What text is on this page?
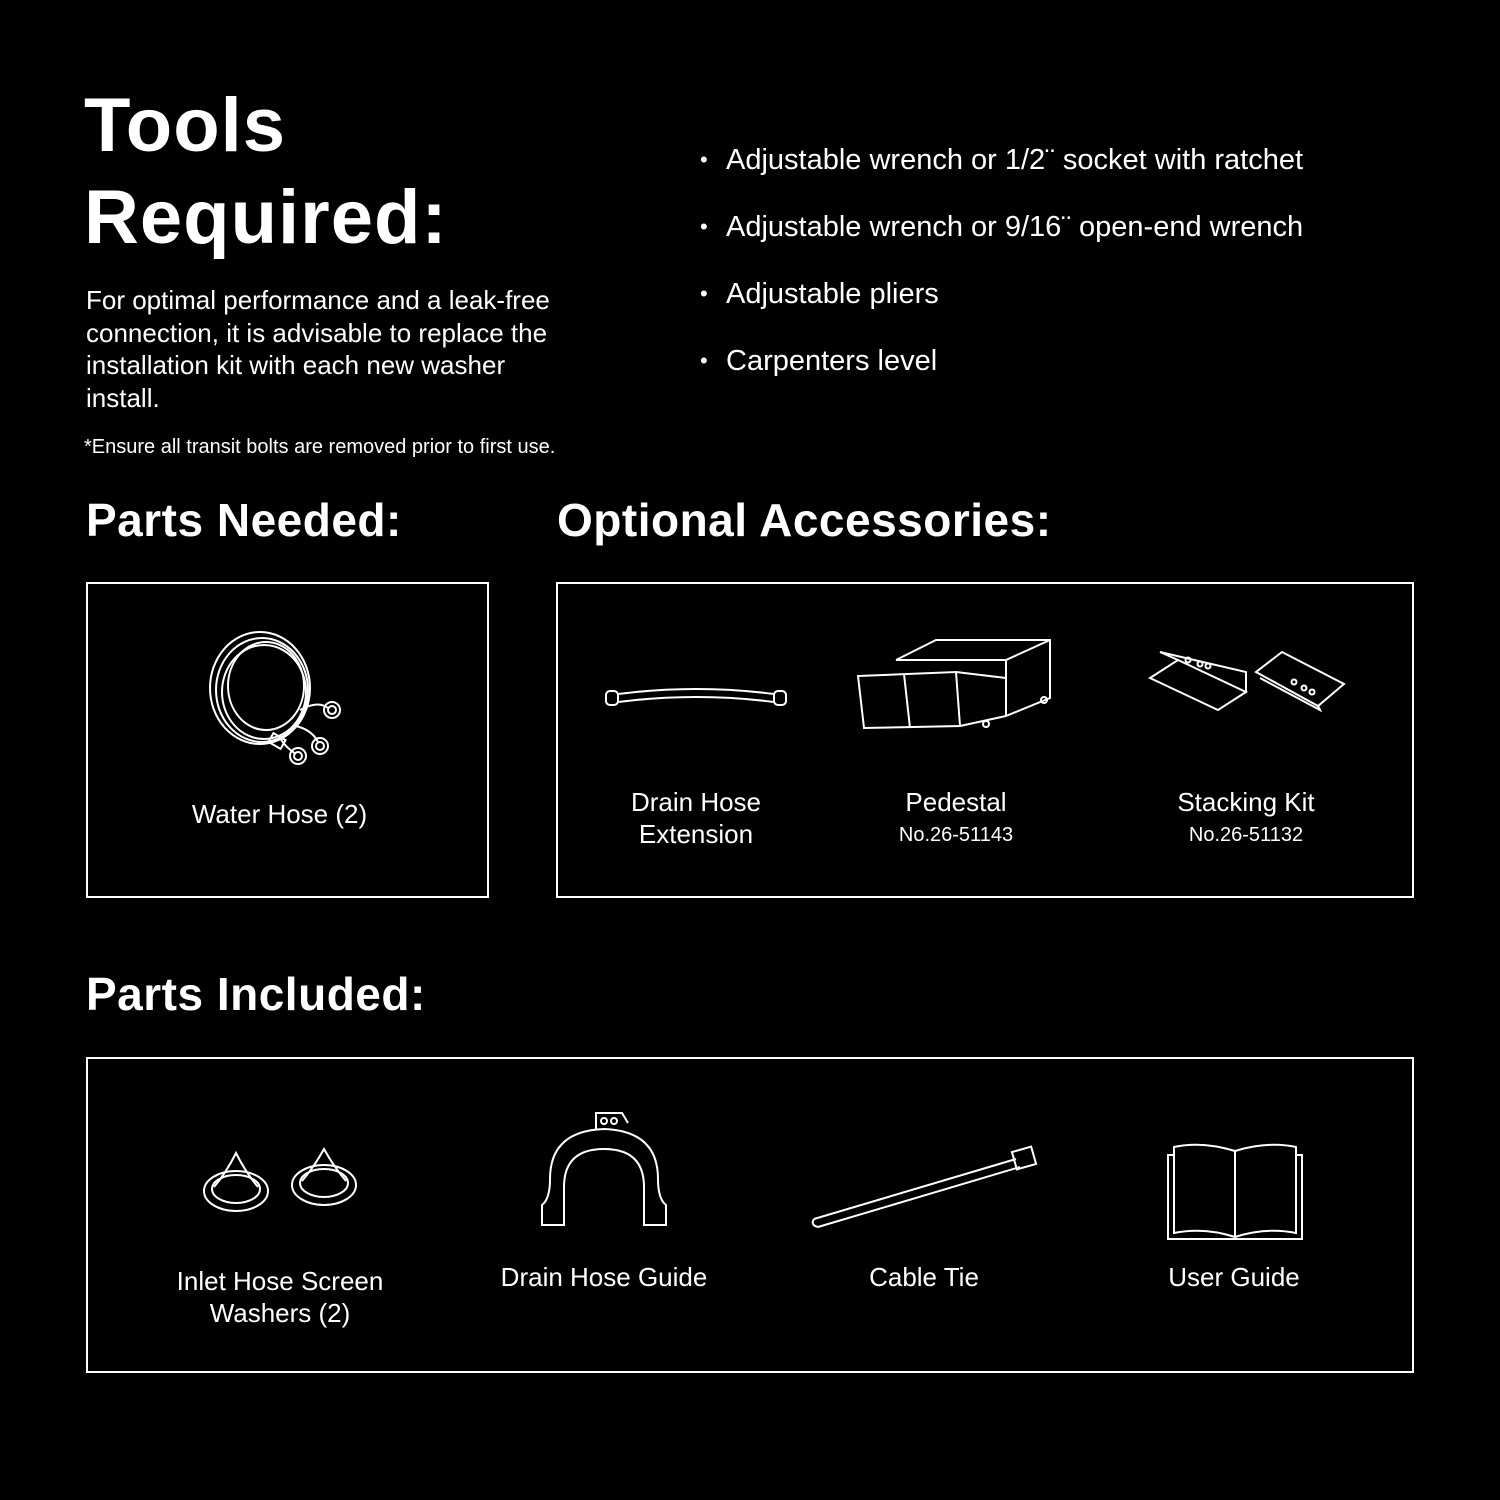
Tools
Required:
For optimal performance and a leak-free connection, it is advisable to replace the installation kit with each new washer install.
*Ensure all transit bolts are removed prior to first use.
• Adjustable wrench or 1/2¨ socket with ratchet
• Adjustable wrench or 9/16¨ open-end wrench
• Adjustable pliers
• Carpenters level
Parts Needed:
Water Hose (2)
Optional Accessories:
Drain Hose
Extension
Pedestal
No.26-51143
Stacking Kit
No.26-51132
Parts Included:
Inlet Hose Screen
Washers (2)
Drain Hose Guide	Cable Tie	User Guide
